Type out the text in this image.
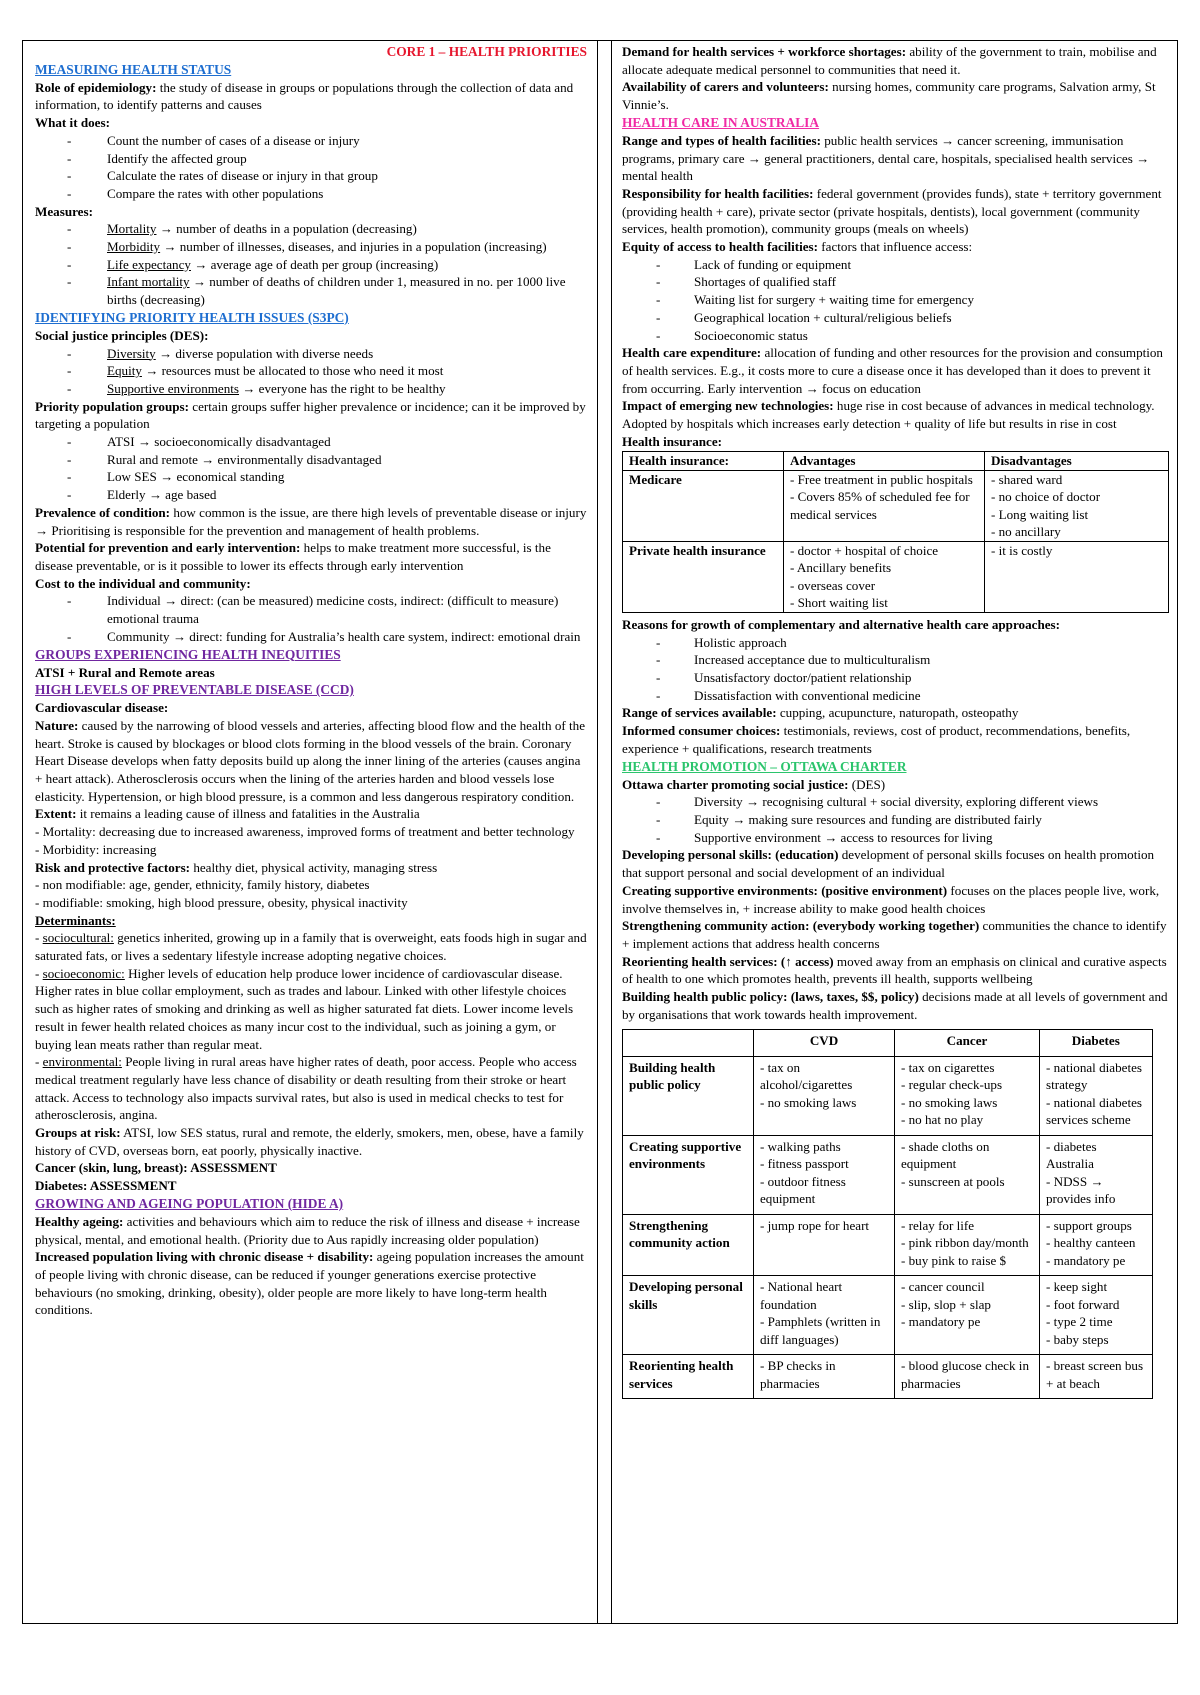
CORE 1 – HEALTH PRIORITIES

MEASURING HEALTH STATUS

Role of epidemiology: the study of disease in groups or populations through the collection of data and information, to identify patterns and causes

What it does:

- Count the number of cases of a disease or injury
- Identify the affected group
- Calculate the rates of disease or injury in that group
- Compare the rates with other populations

Measures:

- Mortality → number of deaths in a population (decreasing)
- Morbidity → number of illnesses, diseases, and injuries in a population (increasing)
- Life expectancy → average age of death per group (increasing)
- Infant mortality → number of deaths of children under 1, measured in no. per 1000 live births (decreasing)

IDENTIFYING PRIORITY HEALTH ISSUES (S3PC)

Social justice principles (DES):

- Diversity → diverse population with diverse needs
- Equity → resources must be allocated to those who need it most
- Supportive environments → everyone has the right to be healthy

Priority population groups: certain groups suffer higher prevalence or incidence; can it be improved by targeting a population

- ATSI → socioeconomically disadvantaged
- Rural and remote → environmentally disadvantaged
- Low SES → economical standing
- Elderly → age based

Prevalence of condition: how common is the issue, are there high levels of preventable disease or injury → Prioritising is responsible for the prevention and management of health problems.

Potential for prevention and early intervention: helps to make treatment more successful, is the disease preventable, or is it possible to lower its effects through early intervention

Cost to the individual and community:

- Individual → direct: (can be measured) medicine costs, indirect: (difficult to measure) emotional trauma
- Community → direct: funding for Australia’s health care system, indirect: emotional drain

GROUPS EXPERIENCING HEALTH INEQUITIES

ATSI + Rural and Remote areas

HIGH LEVELS OF PREVENTABLE DISEASE (CCD)

Cardiovascular disease:

Nature: caused by the narrowing of blood vessels and arteries, affecting blood flow and the health of the heart. Stroke is caused by blockages or blood clots forming in the blood vessels of the brain. Coronary Heart Disease develops when fatty deposits build up along the inner lining of the arteries (causes angina + heart attack). Atherosclerosis occurs when the lining of the arteries harden and blood vessels lose elasticity. Hypertension, or high blood pressure, is a common and less dangerous respiratory condition.

Extent: it remains a leading cause of illness and fatalities in the Australia

- Mortality: decreasing due to increased awareness, improved forms of treatment and better technology

- Morbidity: increasing

Risk and protective factors: healthy diet, physical activity, managing stress

- non modifiable: age, gender, ethnicity, family history, diabetes

- modifiable: smoking, high blood pressure, obesity, physical inactivity

Determinants:

- sociocultural: genetics inherited, growing up in a family that is overweight, eats foods high in sugar and saturated fats, or lives a sedentary lifestyle increase adopting negative choices.

- socioeconomic: Higher levels of education help produce lower incidence of cardiovascular disease. Higher rates in blue collar employment, such as trades and labour. Linked with other lifestyle choices such as higher rates of smoking and drinking as well as higher saturated fat diets. Lower income levels result in fewer health related choices as many incur cost to the individual, such as joining a gym, or buying lean meats rather than regular meat.

- environmental: People living in rural areas have higher rates of death, poor access. People who access medical treatment regularly have less chance of disability or death resulting from their stroke or heart attack. Access to technology also impacts survival rates, but also is used in medical checks to test for atherosclerosis, angina.

Groups at risk: ATSI, low SES status, rural and remote, the elderly, smokers, men, obese, have a family history of CVD, overseas born, eat poorly, physically inactive.

Cancer (skin, lung, breast): ASSESSMENT

Diabetes: ASSESSMENT

GROWING AND AGEING POPULATION (HIDE A)

Healthy ageing: activities and behaviours which aim to reduce the risk of illness and disease + increase physical, mental, and emotional health. (Priority due to Aus rapidly increasing older population)

Increased population living with chronic disease + disability: ageing population increases the amount of people living with chronic disease, can be reduced if younger generations exercise protective behaviours (no smoking, drinking, obesity), older people are more likely to have long-term health conditions.

Demand for health services + workforce shortages: ability of the government to train, mobilise and allocate adequate medical personnel to communities that need it.

Availability of carers and volunteers: nursing homes, community care programs, Salvation army, St Vinnie’s.

HEALTH CARE IN AUSTRALIA

Range and types of health facilities: public health services → cancer screening, immunisation programs, primary care → general practitioners, dental care, hospitals, specialised health services → mental health

Responsibility for health facilities: federal government (provides funds), state + territory government (providing health + care), private sector (private hospitals, dentists), local government (community services, health promotion), community groups (meals on wheels)

Equity of access to health facilities: factors that influence access:

- Lack of funding or equipment
- Shortages of qualified staff
- Waiting list for surgery + waiting time for emergency
- Geographical location + cultural/religious beliefs
- Socioeconomic status

Health care expenditure: allocation of funding and other resources for the provision and consumption of health services. E.g., it costs more to cure a disease once it has developed than it does to prevent it from occurring. Early intervention → focus on education

Impact of emerging new technologies: huge rise in cost because of advances in medical technology. Adopted by hospitals which increases early detection + quality of life but results in rise in cost

Health insurance:

Health insurance:	Advantages	Disadvantages
Medicare	- Free treatment in public hospitals
- Covers 85% of scheduled fee for medical services	- shared ward
- no choice of doctor
- Long waiting list
- no ancillary

Private health insurance	- doctor + hospital of choice
- Ancillary benefits
- overseas cover
- Short waiting list	- it is costly

Reasons for growth of complementary and alternative health care approaches:

- Holistic approach
- Increased acceptance due to multiculturalism
- Unsatisfactory doctor/patient relationship
- Dissatisfaction with conventional medicine

Range of services available: cupping, acupuncture, naturopath, osteopathy

Informed consumer choices: testimonials, reviews, cost of product, recommendations, benefits, experience + qualifications, research treatments

HEALTH PROMOTION – OTTAWA CHARTER

Ottawa charter promoting social justice: (DES)

- Diversity → recognising cultural + social diversity, exploring different views
- Equity → making sure resources and funding are distributed fairly
- Supportive environment → access to resources for living

Developing personal skills: (education) development of personal skills focuses on health promotion that support personal and social development of an individual

Creating supportive environments: (positive environment) focuses on the places people live, work, involve themselves in, + increase ability to make good health choices

Strengthening community action: (everybody working together) communities the chance to identify + implement actions that address health concerns

Reorienting health services: (↑ access) moved away from an emphasis on clinical and curative aspects of health to one which promotes health, prevents ill health, supports wellbeing

Building health public policy: (laws, taxes, $$, policy) decisions made at all levels of government and by organisations that work towards health improvement.

	CVD	Cancer	Diabetes
Building health public policy	- tax on alcohol/cigarettes
- no smoking laws	- tax on cigarettes
- regular check-ups
- no smoking laws
- no hat no play	- national diabetes strategy
- national diabetes services scheme

Creating supportive environments	- walking paths
- fitness passport
- outdoor fitness equipment	- shade cloths on equipment
- sunscreen at pools	- diabetes Australia
- NDSS → provides info

Strengthening community action	- jump rope for heart	- relay for life
- pink ribbon day/month
- buy pink to raise $	- support groups
- healthy canteen
- mandatory pe

Developing personal skills	- National heart foundation
- Pamphlets (written in diff languages)	- cancer council
- slip, slop + slap
- mandatory pe	- keep sight
- foot forward
- type 2 time
- baby steps

Reorienting health services	- BP checks in pharmacies	- blood glucose check in pharmacies	- breast screen bus + at beach
